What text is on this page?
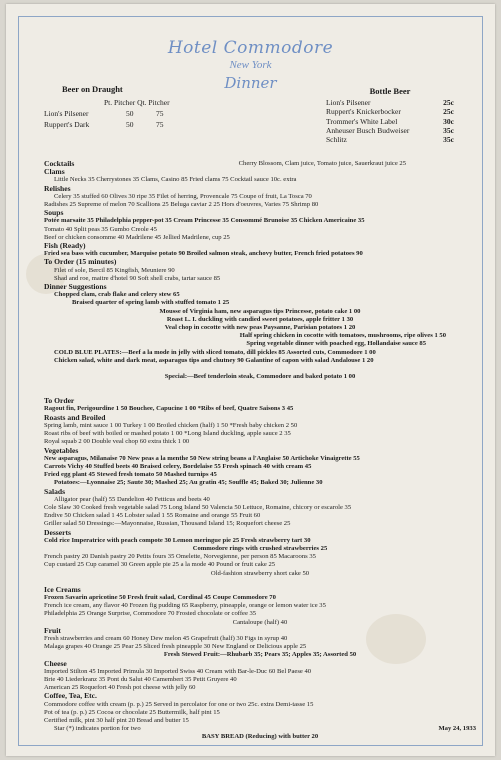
Hotel Commodore
New York
Dinner
Beer on Draught
Pt. Pitcher Qt. Pitcher
Lion's Pilsener	50	75
Ruppert's Dark	50	75
Bottle Beer
Lion's Pilsener	25c
Ruppert's Knickerbocker	25c
Trommer's White Label	30c
Anheuser Busch Budweiser	35c
Schlitz	35c
Cocktails	Cherry Blossom, Clam juice, Tomato juice, Sauerkraut juice 25
Clams
Little Necks 35 Cherrystones 35 Clams, Casino 85 Fried clams 75 Cocktail sauce 10c. extra
Relishes
Celery 35 stuffed 60 Olives 30 ripe 35 Filet of herring, Provencale 75 Coupe of fruit, La Tosca 70
Radishes 25 Supreme of melon 70 Scallions 25 Beluga caviar 2 25 Hors d'oeuvres, Varies 75 Shrimp 80
Soups
Potée marsaite 35 Philadelphia pepper-pot 35 Cream Princesse 35 Consommé Brunoise 35 Chicken Americaine 35
Tomato 40 Split peas 35 Gumbo Creole 45
Beef or chicken consomme 40 Madrilene 45 Jellied Madrilene, cup 25
Fish (Ready)
Fried sea bass with cucumber, Marquise potato 90 Broiled salmon steak, anchovy butter, French fried potatoes 90
To Order (15 minutes)
Filet of sole, Bercil 85 Kingfish, Meuniere 90
Shad and roe, maitre d'hotel 90 Soft shell crabs, tartar sauce 85
Dinner Suggestions
Chopped clam, crab flake and celery stew 65
Braised quarter of spring lamb with stuffed tomato 1 25
Mousse of Virginia ham, new asparagus tips Princesse, potato cake 1 00
Roast L. I. duckling with candied sweet potatoes, apple fritter 1 30
Veal chop in cocotte with new peas Paysanne, Parisian potatoes 1 20
Half spring chicken in cocotte with tomatoes, mushrooms, ripe olives 1 50
Spring vegetable dinner with poached egg, Hollandaise sauce 85
COLD BLUE PLATES:—Beef a la mode in jelly with sliced tomato, dill pickles 85 Assorted cuts, Commodore 1 00
Chicken salad, white and dark meat, asparagus tips and chutney 90 Galantine of capon with salad Andalouse 1 20
Special:—Beef tenderloin steak, Commodore and baked potato 1 00
To Order
Ragout fin, Perigourdine 1 50 Bouchee, Capucine 1 00 *Ribs of beef, Quatre Saisons 3 45
Roasts and Broiled
Spring lamb, mint sauce 1 00 Turkey 1 00 Broiled chicken (half) 1 50 *Fresh baby chicken 2 50
Roast ribs of beef with boiled or mashed potato 1 00 *Long Island duckling, apple sauce 2 35
Royal squab 2 00 Double veal chop 60 extra thick 1 00
Vegetables
New asparagus, Milanaise 70 New peas a la menthe 50 New string beans a l'Anglaise 50 Artichoke Vinaigrette 55
Carrots Vichy 40 Stuffed beets 40 Braised celery, Bordelaise 55 Fresh spinach 40 with cream 45
Fried egg plant 45 Stewed fresh tomato 50 Mashed turnips 45
Potatoes:—Lyonnaise 25; Saute 30; Mashed 25; Au gratin 45; Souffle 45; Baked 30; Julienne 30
Salads
Alligator pear (half) 55 Dandelion 40 Fetticus and beets 40
Cole Slaw 30 Cooked fresh vegetable salad 75 Long Island 50 Valencia 50 Lettuce, Romaine, chicory or escarole 35
Endive 50 Chicken salad 1 45 Lobster salad 1 55 Romaine and orange 55 Fruit 60
Griller salad 50 Dressings:—Mayonnaise, Russian, Thousand Island 15; Roquefort cheese 25
Desserts
Cold rice Imperatrice with peach compote 30 Lemon meringue pie 25 Fresh strawberry tart 30
Commodore rings with crushed strawberries 25
French pastry 20 Danish pastry 20 Petits fours 35 Omelette, Norvegienne, per person 85 Macaroons 35
Cup custard 25 Cup caramel 30 Green apple pie 25 a la mode 40 Pound or fruit cake 25
Old-fashion strawberry short cake 50
Ice Creams
Frozen Savarin apricotine 50 Fresh fruit salad, Cordinal 45 Coupe Commodore 70
French ice cream, any flavor 40 Frozen fig pudding 65 Raspberry, pineapple, orange or lemon water ice 35
Philadelphia 25 Orange Surprise, Commodore 70 Frosted chocolate or coffee 35
Cantaloupe (half) 40
Fruit
Fresh strawberries and cream 60 Honey Dew melon 45 Grapefruit (half) 30 Figs in syrup 40
Malaga grapes 40 Orange 25 Pear 25 Sliced fresh pineapple 30 New England or Delicious apple 25
Fresh Stewed Fruit:—Rhubarb 35; Pears 35; Apples 35; Assorted 50
Cheese
Imported Stilton 45 Imported Primula 30 Imported Swiss 40 Cream with Bar-le-Duc 60 Bel Paese 40
Brie 40 Liederkranz 35 Pont du Salut 40 Camembert 35 Petit Gruyere 40
American 25 Roquefort 40 Fresh pot cheese with jelly 60
Coffee, Tea, Etc.
Commodore coffee with cream (p. p.) 25 Served in percolator for one or two 25c. extra Demi-tasse 15
Pot of tea (p. p.) 25 Cocoa or chocolate 25 Buttermilk, half pint 15
Certified milk, pint 30 half pint 20 Bread and butter 15
Star (*) indicates portion for two	May 24, 1933
BASY BREAD (Reducing) with butter 20
